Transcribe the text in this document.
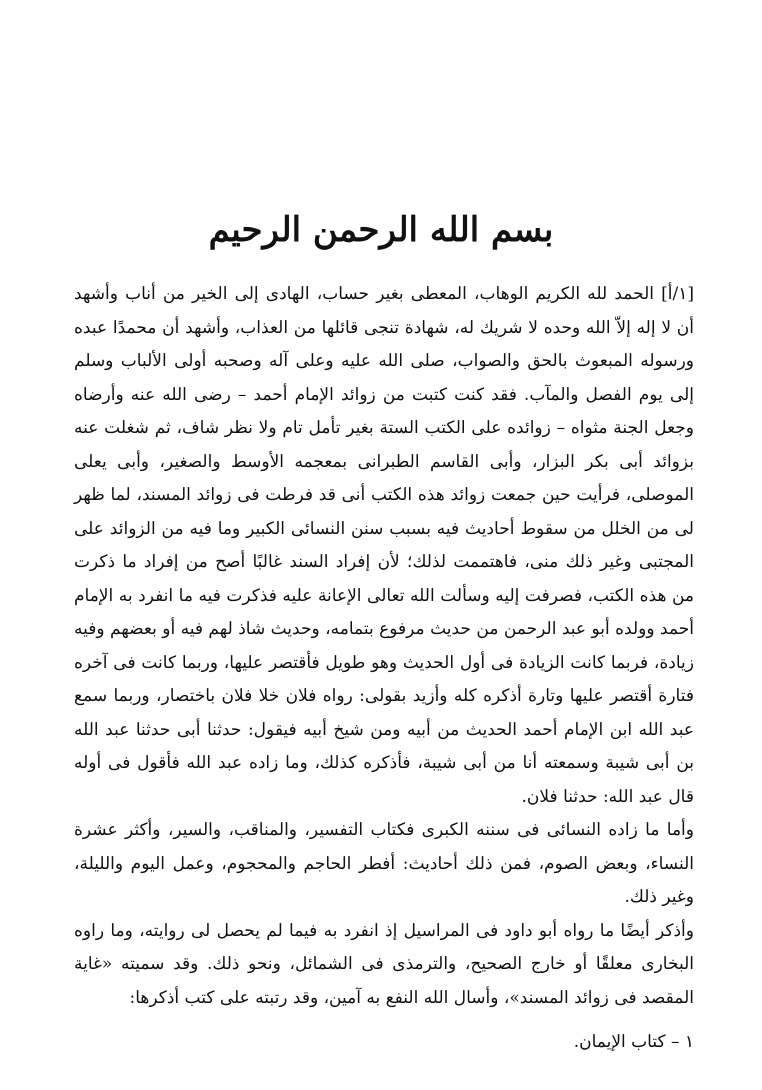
بسم الله الرحمن الرحيم

[١/أ] الحمد لله الكريم الوهاب، المعطى بغير حساب، الهادى إلى الخير من أناب وأشهد أن لا إله إلاّ الله وحده لا شريك له، شهادة تنجى قائلها من العذاب، وأشهد أن محمدًا عبده ورسوله المبعوث بالحق والصواب، صلى الله عليه وعلى آله وصحبه أولى الألباب وسلم إلى يوم الفصل والمآب. فقد كنت كتبت من زوائد الإمام أحمد – رضى الله عنه وأرضاه وجعل الجنة مثواه – زوائده على الكتب الستة بغير تأمل تام ولا نظر شاف، ثم شغلت عنه بزوائد أبى بكر البزار، وأبى القاسم الطبرانى بمعجمه الأوسط والصغير، وأبى يعلى الموصلى، فرأيت حين جمعت زوائد هذه الكتب أنى قد فرطت فى زوائد المسند، لما ظهر لى من الخلل من سقوط أحاديث فيه بسبب سنن النسائى الكبير وما فيه من الزوائد على المجتبى وغير ذلك منى، فاهتممت لذلك؛ لأن إفراد السند غالبًا أصح من إفراد ما ذكرت من هذه الكتب، فصرفت إليه وسألت الله تعالى الإعانة عليه فذكرت فيه ما انفرد به الإمام أحمد وولده أبو عبد الرحمن من حديث مرفوع بتمامه، وحديث شاذ لهم فيه أو بعضهم وفيه زيادة، فربما كانت الزيادة فى أول الحديث وهو طويل فأقتصر عليها، وربما كانت فى آخره فتارة أقتصر عليها وتارة أذكره كله وأزيد بقولى: رواه فلان خلا فلان باختصار، وربما سمع عبد الله ابن الإمام أحمد الحديث من أبيه ومن شيخ أبيه فيقول: حدثنا أبى حدثنا عبد الله بن أبى شيبة وسمعته أنا من أبى شيبة، فأذكره كذلك، وما زاده عبد الله فأقول فى أوله قال عبد الله: حدثنا فلان.

وأما ما زاده النسائى فى سننه الكبرى فكتاب التفسير، والمناقب، والسير، وأكثر عشرة النساء، وبعض الصوم، فمن ذلك أحاديث: أفطر الحاجم والمحجوم، وعمل اليوم والليلة، وغير ذلك.

وأذكر أيضًا ما رواه أبو داود فى المراسيل إذ انفرد به فيما لم يحصل لى روايته، وما راوه البخارى معلقًا أو خارج الصحيح، والترمذى فى الشمائل، ونحو ذلك. وقد سميته «غاية المقصد فى زوائد المسند»، وأسال الله النفع به آمين، وقد رتبته على كتب أذكرها:

١ – كتاب الإيمان.
